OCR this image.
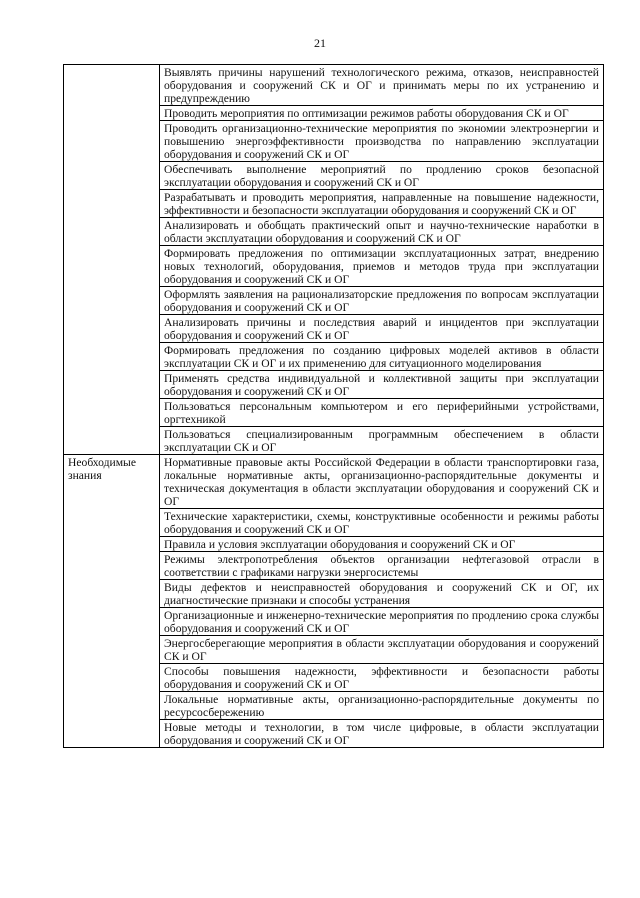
21
	Выявлять причины нарушений технологического режима, отказов, неисправностей оборудования и сооружений СК и ОГ и принимать меры по их устранению и предупреждению
	Проводить мероприятия по оптимизации режимов работы оборудования СК и ОГ
	Проводить организационно-технические мероприятия по экономии электроэнергии и повышению энергоэффективности производства по направлению эксплуатации оборудования и сооружений СК и ОГ
	Обеспечивать выполнение мероприятий по продлению сроков безопасной эксплуатации оборудования и сооружений СК и ОГ
	Разрабатывать и проводить мероприятия, направленные на повышение надежности, эффективности и безопасности эксплуатации оборудования и сооружений СК и ОГ
	Анализировать и обобщать практический опыт и научно-технические наработки в области эксплуатации оборудования и сооружений СК и ОГ
	Формировать предложения по оптимизации эксплуатационных затрат, внедрению новых технологий, оборудования, приемов и методов труда при эксплуатации оборудования и сооружений СК и ОГ
	Оформлять заявления на рационализаторские предложения по вопросам эксплуатации оборудования и сооружений СК и ОГ
	Анализировать причины и последствия аварий и инцидентов при эксплуатации оборудования и сооружений СК и ОГ
	Формировать предложения по созданию цифровых моделей активов в области эксплуатации СК и ОГ и их применению для ситуационного моделирования
	Применять средства индивидуальной и коллективной защиты при эксплуатации оборудования и сооружений СК и ОГ
	Пользоваться персональным компьютером и его периферийными устройствами, оргтехникой
	Пользоваться специализированным программным обеспечением в области эксплуатации СК и ОГ
Необходимые знания	Нормативные правовые акты Российской Федерации в области транспортировки газа, локальные нормативные акты, организационно-распорядительные документы и техническая документация в области эксплуатации оборудования и сооружений СК и ОГ
	Технические характеристики, схемы, конструктивные особенности и режимы работы оборудования и сооружений СК и ОГ
	Правила и условия эксплуатации оборудования и сооружений СК и ОГ
	Режимы электропотребления объектов организации нефтегазовой отрасли в соответствии с графиками нагрузки энергосистемы
	Виды дефектов и неисправностей оборудования и сооружений СК и ОГ, их диагностические признаки и способы устранения
	Организационные и инженерно-технические мероприятия по продлению срока службы оборудования и сооружений СК и ОГ
	Энергосберегающие мероприятия в области эксплуатации оборудования и сооружений СК и ОГ
	Способы повышения надежности, эффективности и безопасности работы оборудования и сооружений СК и ОГ
	Локальные нормативные акты, организационно-распорядительные документы по ресурсосбережению
	Новые методы и технологии, в том числе цифровые, в области эксплуатации оборудования и сооружений СК и ОГ
